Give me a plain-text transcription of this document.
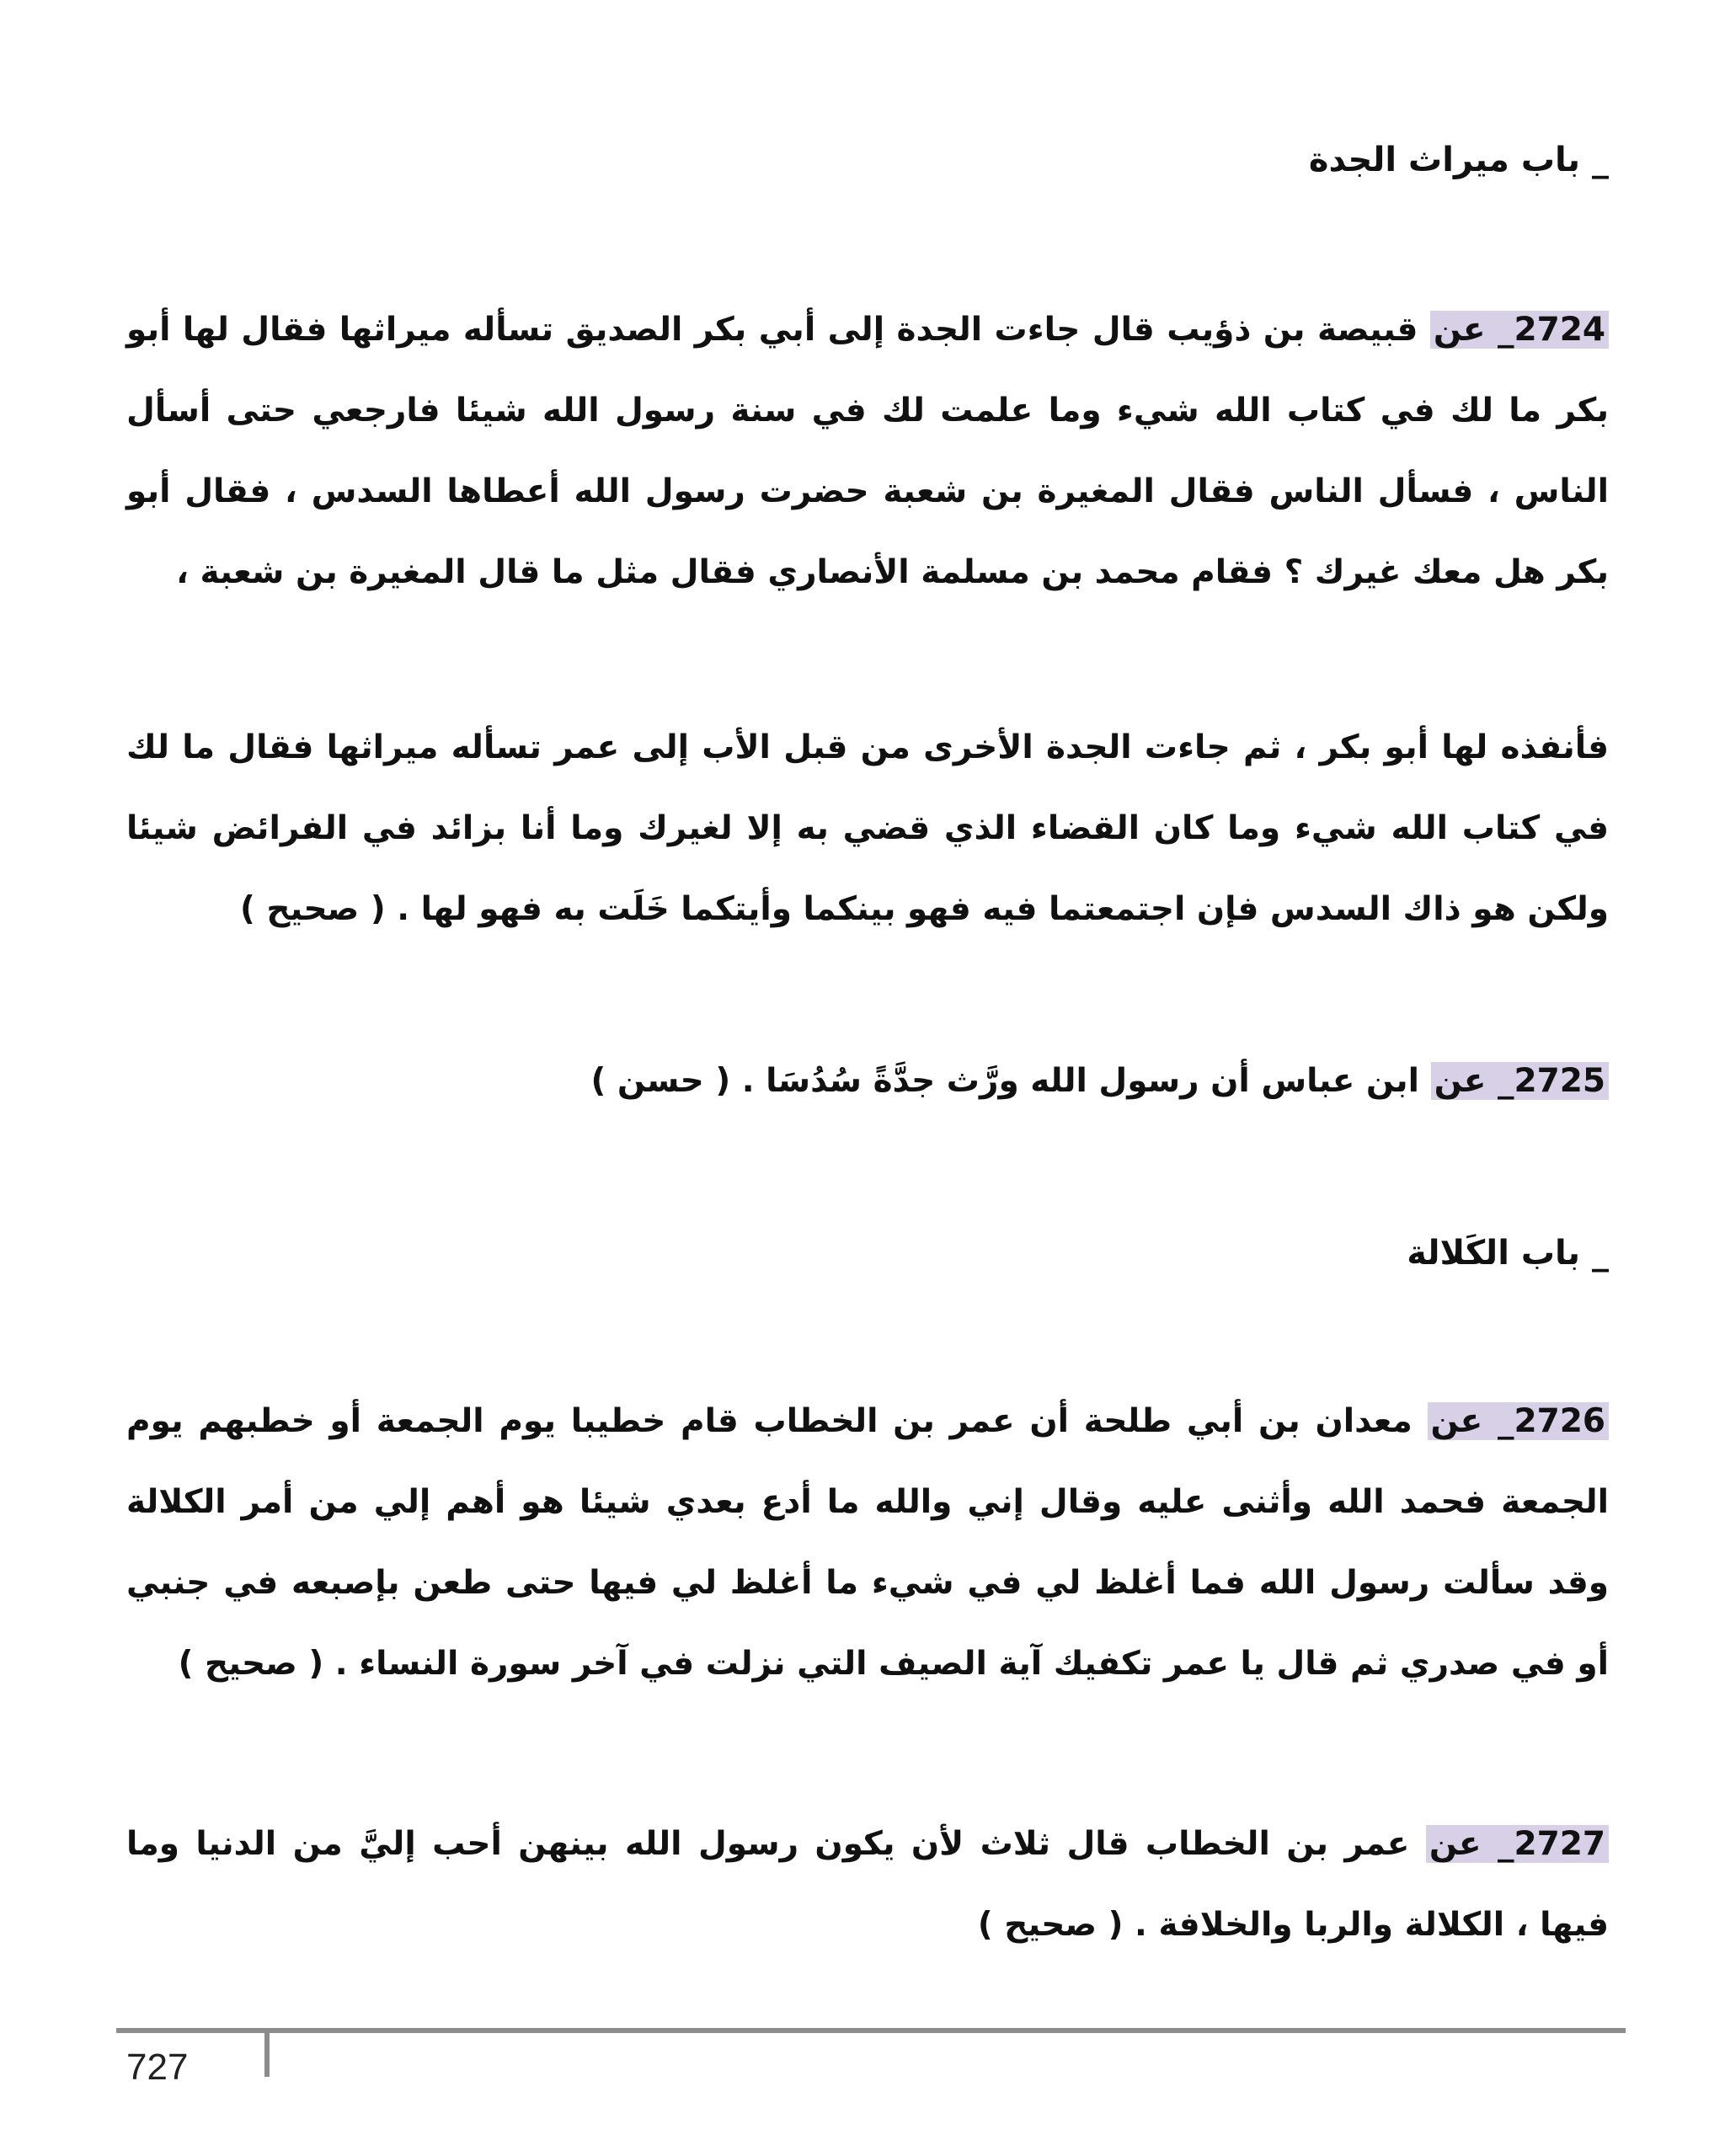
_ باب ميراث الجدة
2724_ عن قبيصة بن ذؤيب قال جاءت الجدة إلى أبي بكر الصديق تسأله ميراثها فقال لها أبو بكر ما لك في كتاب الله شيء وما علمت لك في سنة رسول الله شيئا فارجعي حتى أسأل الناس ، فسأل الناس فقال المغيرة بن شعبة حضرت رسول الله أعطاها السدس ، فقال أبو بكر هل معك غيرك ؟ فقام محمد بن مسلمة الأنصاري فقال مثل ما قال المغيرة بن شعبة ،
فأنفذه لها أبو بكر ، ثم جاءت الجدة الأخرى من قبل الأب إلى عمر تسأله ميراثها فقال ما لك في كتاب الله شيء وما كان القضاء الذي قضي به إلا لغيرك وما أنا بزائد في الفرائض شيئا ولكن هو ذاك السدس فإن اجتمعتما فيه فهو بينكما وأيتكما خَلَت به فهو لها . ( صحيح )
2725_ عن ابن عباس أن رسول الله ورَّث جدَّةً سُدُسَا . ( حسن )
_ باب الكَلالة
2726_ عن معدان بن أبي طلحة أن عمر بن الخطاب قام خطيبا يوم الجمعة أو خطبهم يوم الجمعة فحمد الله وأثنى عليه وقال إني والله ما أدع بعدي شيئا هو أهم إلي من أمر الكلالة وقد سألت رسول الله فما أغلظ لي في شيء ما أغلظ لي فيها حتى طعن بإصبعه في جنبي أو في صدري ثم قال يا عمر تكفيك آية الصيف التي نزلت في آخر سورة النساء . ( صحيح )
2727_ عن عمر بن الخطاب قال ثلاث لأن يكون رسول الله بينهن أحب إليَّ من الدنيا وما فيها ، الكلالة والربا والخلافة . ( صحيح )
727
